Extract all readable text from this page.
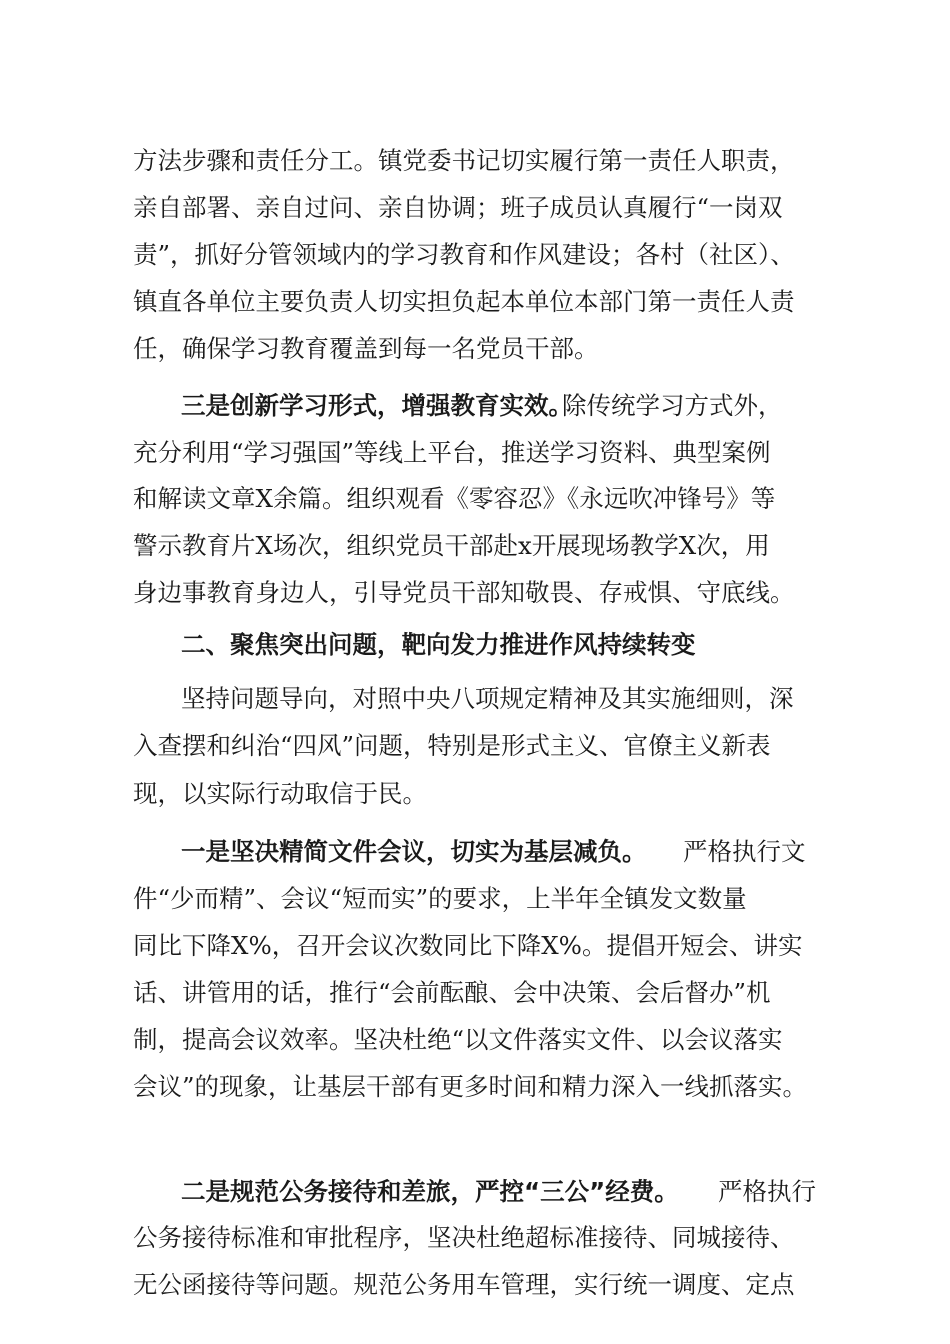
方法步骤和责任分工。镇党委书记切实履行第一责任人职责，
亲自部署、亲自过问、亲自协调；班子成员认真履行“一岗双
责”，抓好分管领域内的学习教育和作风建设；各村（社区）、
镇直各单位主要负责人切实担负起本单位本部门第一责任人责
任，确保学习教育覆盖到每一名党员干部。
三是创新学习形式，增强教育实效。
除传统学习方式外，
充分利用“学习强国”等线上平台，推送学习资料、典型案例
和解读文章X余篇。组织观看《零容忍》《永远吹冲锋号》等
警示教育片X场次，组织党员干部赴x开展现场教学X次，用
身边事教育身边人，引导党员干部知敬畏、存戒惧、守底线。
二、聚焦突出问题，靶向发力推进作风持续转变
坚持问题导向，对照中央八项规定精神及其实施细则，深
入查摆和纠治“四风”问题，特别是形式主义、官僚主义新表
现，以实际行动取信于民。
一是坚决精简文件会议，切实为基层减负。 严格执行文
件“少而精”、会议“短而实”的要求，上半年全镇发文数量
同比下降X%，召开会议次数同比下降X%。提倡开短会、讲实
话、讲管用的话，推行“会前酝酿、会中决策、会后督办”机
制，提高会议效率。坚决杜绝“以文件落实文件、以会议落实
会议”的现象，让基层干部有更多时间和精力深入一线抓落实。
二是规范公务接待和差旅，严控“三公”经费。 严格执行
公务接待标准和审批程序，坚决杜绝超标准接待、同城接待、
无公函接待等问题。规范公务用车管理，实行统一调度、定点
